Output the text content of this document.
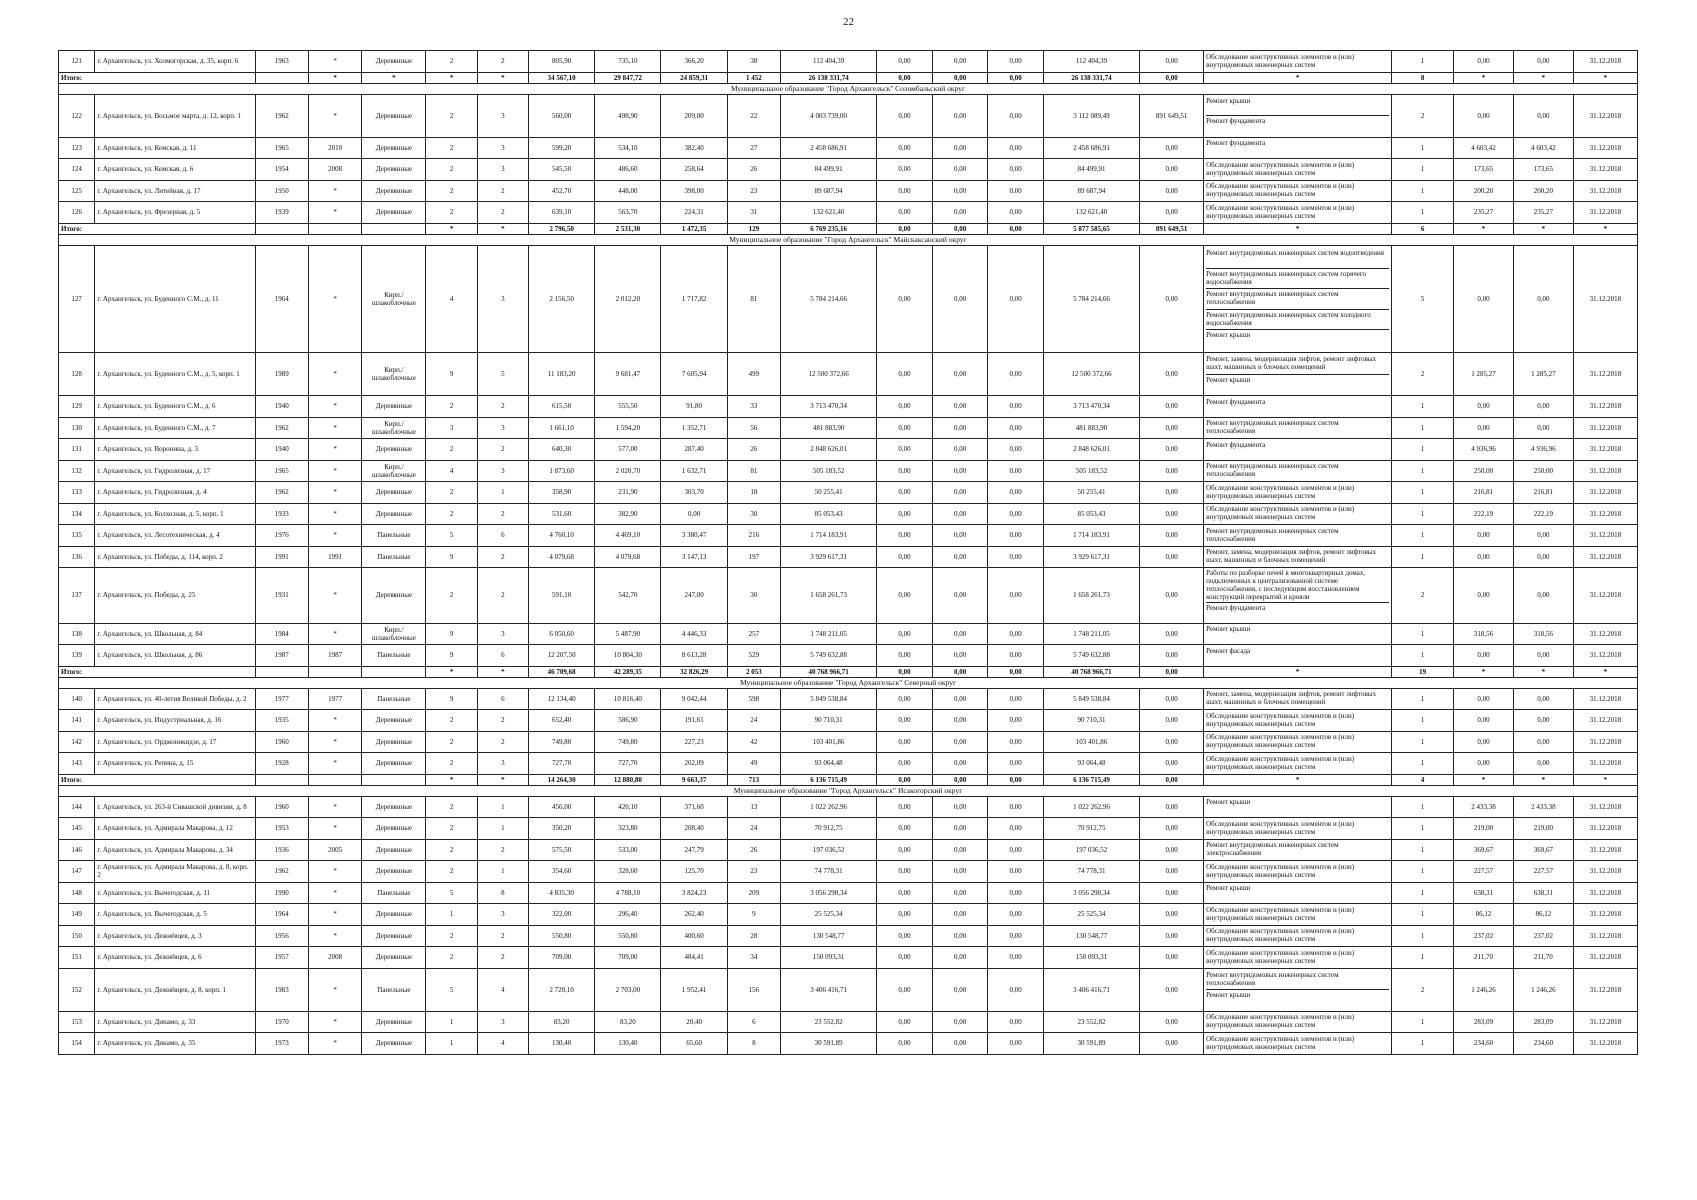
22
121	г. Архангельск, ул. Холмогорская, д. 35, корп. 6	1963	*	Деревянные	2	2	805,90	735,10	366,20	38	112 404,39	0,00	0,00	0,00	112 404,39	0,00	Обследование конструктивных элементов и (или) внутридомовых инженерных систем	1	0,00	0,00	31.12.2018
Итого:			*	*	*	*	34 567,10	29 847,72	24 859,31	1 452	26 138 331,74	0,00	0,00	0,00	26 138 331,74	0,00	*	8	*	*	*
Муниципальное образование "Город Архангельск" Соломбальский округ																					
122	г. Архангельск, ул. Восьмое марта, д. 12, корп. 1	1962	*	Деревянные	2	3	560,00	498,90	209,00	22	4 003 739,00	0,00	0,00	0,00	3 112 089,49	891 649,51	Ремонт крыши
Ремонт фундамента	2	0,00	0,00	31.12.2018
123	г. Архангельск, ул. Кемская, д. 11	1965	2010	Деревянные	2	3	599,20	534,10	382,40	27	2 458 686,91	0,00	0,00	0,00	2 458 686,91	0,00	Ремонт фундамента	1	4 603,42	4 603,42	31.12.2018
124	г. Архангельск, ул. Кемская, д. 6	1954	2008	Деревянные	2	3	545,50	486,60	258,64	26	84 499,91	0,00	0,00	0,00	84 499,91	0,00	Обследование конструктивных элементов и (или) внутридомовых инженерных систем	1	173,65	173,65	31.12.2018
125	г. Архангельск, ул. Литейная, д. 17	1950	*	Деревянные	2	2	452,70	448,00	398,00	23	89 687,94	0,00	0,00	0,00	89 687,94	0,00	Обследование конструктивных элементов и (или) внутридомовых инженерных систем	1	200,20	200,20	31.12.2018
126	г. Архангельск, ул. Фрезерная, д. 5	1939	*	Деревянные	2	2	639,10	563,70	224,31	31	132 621,40	0,00	0,00	0,00	132 621,40	0,00	Обследование конструктивных элементов и (или) внутридомовых инженерных систем	1	235,27	235,27	31.12.2018
Итого:					*	*	2 796,50	2 531,30	1 472,35	129	6 769 235,16	0,00	0,00	0,00	5 877 585,65	891 649,51	*	6	*	*	*
Муниципальное образование "Город Архангельск" Майскаксанский округ																					
127	г. Архангельск, ул. Буденного С.М., д. 11	1964	*	Кирп./ шлакоблочные	4	3	2 156,50	2 012,20	1 717,82	81	5 784 214,66	0,00	0,00	0,00	5 784 214,66	0,00	Ремонт внутридомовых инженерных систем водоотведения
Ремонт внутридомовых инженерных систем горячего водоснабжения
Ремонт внутридомовых инженерных систем теплоснабжения
Ремонт внутридомовых инженерных систем холодного водоснабжения
Ремонт крыши	5	0,00	0,00	31.12.2018
128	г. Архангельск, ул. Буденного С.М., д. 5, корп. 1	1989	*	Кирп./ шлакоблочные	9	5	11 183,20	9 681,47	7 605,94	499	12 500 372,66	0,00	0,00	0,00	12 500 372,66	0,00	Ремонт, замена, модернизация лифтов, ремонт лифтовых шахт, машинных и блочных помещений
Ремонт крыши	2	1 285,27	1 285,27	31.12.2018
129	г. Архангельск, ул. Буденного С.М., д. 6	1940	*	Деревянные	2	2	615,50	555,50	91,80	33	3 713 470,34	0,00	0,00	0,00	3 713 470,34	0,00	Ремонт фундамента	1	0,00	0,00	31.12.2018
130	г. Архангельск, ул. Буденного С.М., д. 7	1962	*	Кирп./ шлакоблочные	3	3	1 661,10	1 594,20	1 352,71	56	481 883,90	0,00	0,00	0,00	481 883,90	0,00	Ремонт внутридомовых инженерных систем теплоснабжения	1	0,00	0,00	31.12.2018
131	г. Архангельск, ул. Воронина, д. 3	1940	*	Деревянные	2	2	640,30	577,00	287,40	26	2 848 626,01	0,00	0,00	0,00	2 848 626,01	0,00	Ремонт фундамента	1	4 936,96	4 936,96	31.12.2018
132	г. Архангельск, ул. Гидролизная, д. 17	1965	*	Кирп./ шлакоблочные	4	3	1 873,60	2 020,70	1 632,71	81	505 183,52	0,00	0,00	0,00	505 183,52	0,00	Ремонт внутридомовых инженерных систем теплоснабжения	1	250,00	250,00	31.12.2018
133	г. Архангельск, ул. Гидролизная, д. 4	1962	*	Деревянные	2	1	358,90	231,90	303,70	18	50 255,41	0,00	0,00	0,00	50 255,41	0,00	Обследование конструктивных элементов и (или) внутридомовых инженерных систем	1	216,81	216,81	31.12.2018
134	г. Архангельск, ул. Колхозная, д. 5, корп. 1	1933	*	Деревянные	2	2	531,60	382,90	0,00	30	85 053,43	0,00	0,00	0,00	85 053,43	0,00	Обследование конструктивных элементов и (или) внутридомовых инженерных систем	1	222,19	222,19	31.12.2018
135	г. Архангельск, ул. Лесотехническая, д. 4	1976	*	Панельные	5	6	4 760,10	4 469,10	3 380,47	216	1 714 183,91	0,00	0,00	0,00	1 714 183,91	0,00	Ремонт внутридомовых инженерных систем теплоснабжения	1	0,00	0,00	31.12.2018
136	г. Архангельск, ул. Победы, д. 114, корп. 2	1991	1991	Панельные	9	2	4 079,68	4 079,68	3 147,13	197	3 929 617,31	0,00	0,00	0,00	3 929 617,31	0,00	Ремонт, замена, модернизация лифтов, ремонт лифтовых шахт, машинных и блочных помещений	1	0,00	0,00	31.12.2018
137	г. Архангельск, ул. Победы, д. 25	1931	*	Деревянные	2	2	591,10	542,70	247,00	30	1 658 261,73	0,00	0,00	0,00	1 658 261,73	0,00	Работы по разборке печей в многоквартирных домах, подключенных к централизованной системе теплоснабжения, с последующим восстановлением конструкций перекрытий и кровли
Ремонт фундамента	2	0,00	0,00	31.12.2018
138	г. Архангельск, ул. Школьная, д. 84	1984	*	Кирп./ шлакоблочные	9	3	6 050,60	5 487,90	4 446,33	257	1 748 211,05	0,00	0,00	0,00	1 748 211,05	0,00	Ремонт крыши	1	318,56	318,56	31.12.2018
139	г. Архангельск, ул. Школьная, д. 86	1987	1987	Панельные	9	6	12 207,50	10 804,30	8 613,28	529	5 749 632,88	0,00	0,00	0,00	5 749 632,88	0,00	Ремонт фасада	1	0,00	0,00	31.12.2018
Итого:					*	*	46 709,68	42 289,35	32 826,29	2 053	40 768 966,71	0,00	0,00	0,00	40 768 966,71	0,00	*	19	*	*	*
Муниципальное образование "Город Архангельск" Северный округ																					
140	г. Архангельск, ул. 40-летия Великой Победы, д. 2	1977	1977	Панельные	9	6	12 134,40	10 816,40	9 042,44	598	5 849 538,84	0,00	0,00	0,00	5 849 538,84	0,00	Ремонт, замена, модернизация лифтов, ремонт лифтовых шахт, машинных и блочных помещений	1	0,00	0,00	31.12.2018
141	г. Архангельск, ул. Индустриальная, д. 16	1935	*	Деревянные	2	2	652,40	586,90	191,61	24	90 710,31	0,00	0,00	0,00	90 710,31	0,00	Обследование конструктивных элементов и (или) внутридомовых инженерных систем	1	0,00	0,00	31.12.2018
142	г. Архангельск, ул. Орджоникидзе, д. 17	1960	*	Деревянные	2	2	749,80	749,80	227,23	42	103 401,86	0,00	0,00	0,00	103 401,86	0,00	Обследование конструктивных элементов и (или) внутридомовых инженерных систем	1	0,00	0,00	31.12.2018
143	г. Архангельск, ул. Репина, д. 15	1928	*	Деревянные	2	3	727,70	727,70	202,09	49	93 064,48	0,00	0,00	0,00	93 064,48	0,00	Обследование конструктивных элементов и (или) внутридомовых инженерных систем	1	0,00	0,00	31.12.2018
Итого:					*	*	14 264,30	12 880,80	9 663,37	713	6 136 715,49	0,00	0,00	0,00	6 136 715,49	0,00	*	4	*	*	*
Муниципальное образование "Город Архангельск" Исакогорский округ																					
144	г. Архангельск, ул. 263-й Сивашской дивизии, д. 8	1960	*	Деревянные	2	1	456,00	420,10	371,60	13	1 022 262,96	0,00	0,00	0,00	1 022 262,96	0,00	Ремонт крыши	1	2 433,38	2 433,38	31.12.2018
145	г. Архангельск, ул. Адмирала Макарова, д. 12	1953	*	Деревянные	2	1	350,20	323,80	208,40	24	70 912,75	0,00	0,00	0,00	70 912,75	0,00	Обследование конструктивных элементов и (или) внутридомовых инженерных систем	1	219,00	219,00	31.12.2018
146	г. Архангельск, ул. Адмирала Макарова, д. 34	1936	2005	Деревянные	2	2	575,50	533,00	247,79	26	197 036,52	0,00	0,00	0,00	197 036,52	0,00	Ремонт внутридомовых инженерных систем электроснабжения	1	369,67	369,67	31.12.2018
147	г. Архангельск, ул. Адмирала Макарова, д. 8, корп. 2	1962	*	Деревянные	2	1	354,60	328,60	125,70	23	74 778,31	0,00	0,00	0,00	74 778,31	0,00	Обследование конструктивных элементов и (или) внутридомовых инженерных систем	1	227,57	227,57	31.12.2018
148	г. Архангельск, ул. Вычегодская, д. 11	1990	*	Панельные	5	8	4 835,30	4 788,10	3 824,23	209	3 056 290,34	0,00	0,00	0,00	3 056 290,34	0,00	Ремонт крыши	1	638,31	638,31	31.12.2018
149	г. Архангельск, ул. Вычегодская, д. 5	1964	*	Деревянные	1	3	322,00	296,40	262,40	9	25 525,34	0,00	0,00	0,00	25 525,34	0,00	Обследование конструктивных элементов и (или) внутридомовых инженерных систем	1	86,12	86,12	31.12.2018
150	г. Архангельск, ул. Дежнёвцев, д. 3	1956	*	Деревянные	2	2	550,80	550,80	400,60	28	130 548,77	0,00	0,00	0,00	130 548,77	0,00	Обследование конструктивных элементов и (или) внутридомовых инженерных систем	1	237,02	237,02	31.12.2018
151	г. Архангельск, ул. Дежнёвцев, д. 6	1957	2008	Деревянные	2	2	709,00	709,00	484,41	34	150 093,31	0,00	0,00	0,00	150 093,31	0,00	Обследование конструктивных элементов и (или) внутридомовых инженерных систем	1	211,70	211,70	31.12.2018
152	г. Архангельск, ул. Дежнёвцев, д. 8, корп. 1	1983	*	Панельные	5	4	2 720,10	2 703,00	1 952,41	156	3 406 416,71	0,00	0,00	0,00	3 406 416,71	0,00	Ремонт внутридомовых инженерных систем теплоснабжения
Ремонт крыши	2	1 246,26	1 246,26	31.12.2018
153	г. Архангельск, ул. Динамо, д. 33	1970	*	Деревянные	1	3	83,20	83,20	20,40	6	23 552,82	0,00	0,00	0,00	23 552,82	0,00	Обследование конструктивных элементов и (или) внутридомовых инженерных систем	1	283,09	283,09	31.12.2018
154	г. Архангельск, ул. Динамо, д. 35	1973	*	Деревянные	1	4	130,40	130,40	65,60	8	30 591,89	0,00	0,00	0,00	30 591,89	0,00	Обследование конструктивных элементов и (или) внутридомовых инженерных систем	1	234,60	234,60	31.12.2018
